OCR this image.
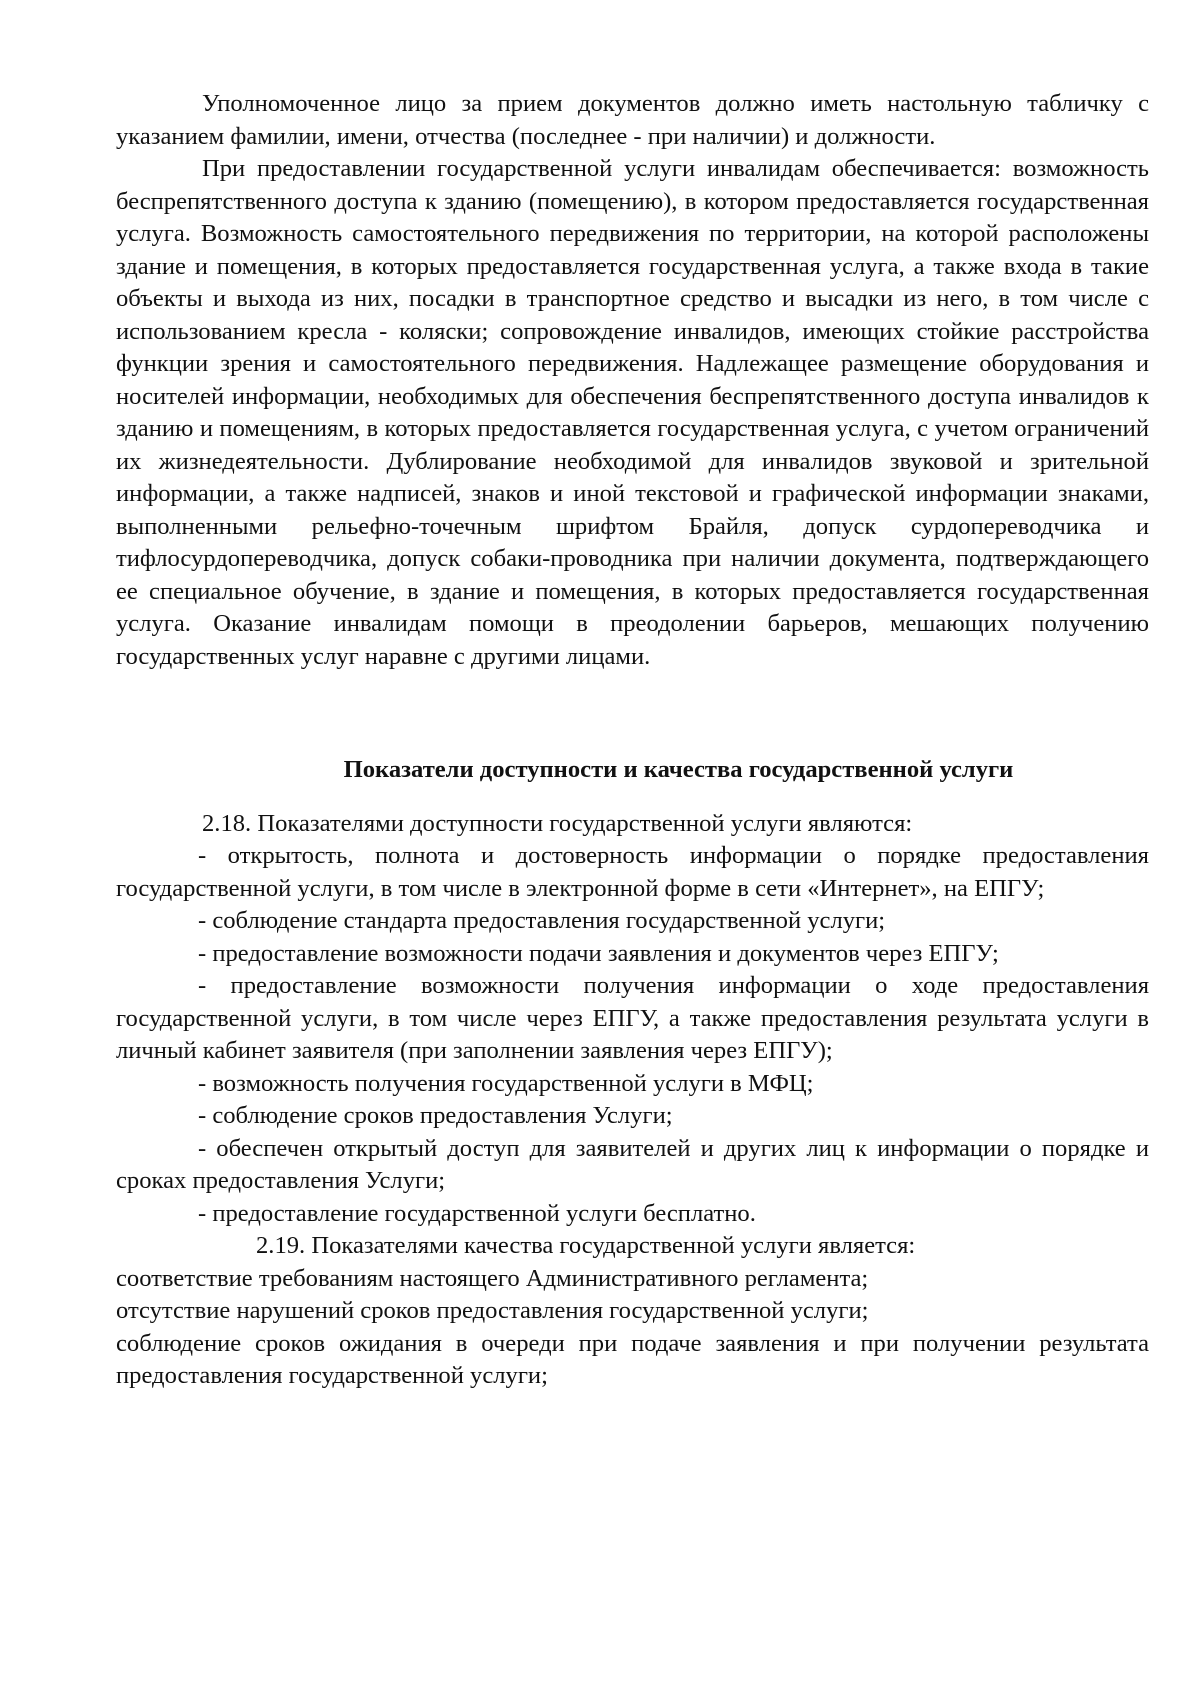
Уполномоченное лицо за прием документов должно иметь настольную табличку с указанием фамилии, имени, отчества (последнее - при наличии) и должности.

При предоставлении государственной услуги инвалидам обеспечивается: возможность беспрепятственного доступа к зданию (помещению), в котором предоставляется государственная услуга. Возможность самостоятельного передвижения по территории, на которой расположены здание и помещения, в которых предоставляется государственная услуга, а также входа в такие объекты и выхода из них, посадки в транспортное средство и высадки из него, в том числе с использованием кресла - коляски; сопровождение инвалидов, имеющих стойкие расстройства функции зрения и самостоятельного передвижения. Надлежащее размещение оборудования и носителей информации, необходимых для обеспечения беспрепятственного доступа инвалидов к зданию и помещениям, в которых предоставляется государственная услуга, с учетом ограничений их жизнедеятельности. Дублирование необходимой для инвалидов звуковой и зрительной информации, а также надписей, знаков и иной текстовой и графической информации знаками, выполненными рельефно-точечным шрифтом Брайля, допуск сурдопереводчика и тифлосурдопереводчика, допуск собаки-проводника при наличии документа, подтверждающего ее специальное обучение, в здание и помещения, в которых предоставляется государственная услуга. Оказание инвалидам помощи в преодолении барьеров, мешающих получению государственных услуг наравне с другими лицами.

Показатели доступности и качества государственной услуги

2.18. Показателями доступности государственной услуги являются:

- открытость, полнота и достоверность информации о порядке предоставления государственной услуги, в том числе в электронной форме в сети «Интернет», на ЕПГУ;

- соблюдение стандарта предоставления государственной услуги;

- предоставление возможности подачи заявления и документов через ЕПГУ;

- предоставление возможности получения информации о ходе предоставления государственной услуги, в том числе через ЕПГУ, а также предоставления результата услуги в личный кабинет заявителя (при заполнении заявления через ЕПГУ);

- возможность получения государственной услуги в МФЦ;

- соблюдение сроков предоставления Услуги;

- обеспечен открытый доступ для заявителей и других лиц к информации о порядке и сроках предоставления Услуги;

- предоставление государственной услуги бесплатно.

2.19. Показателями качества государственной услуги является:

соответствие требованиям настоящего Административного регламента;

отсутствие нарушений сроков предоставления государственной услуги;

соблюдение сроков ожидания в очереди при подаче заявления и при получении результата предоставления государственной услуги;
